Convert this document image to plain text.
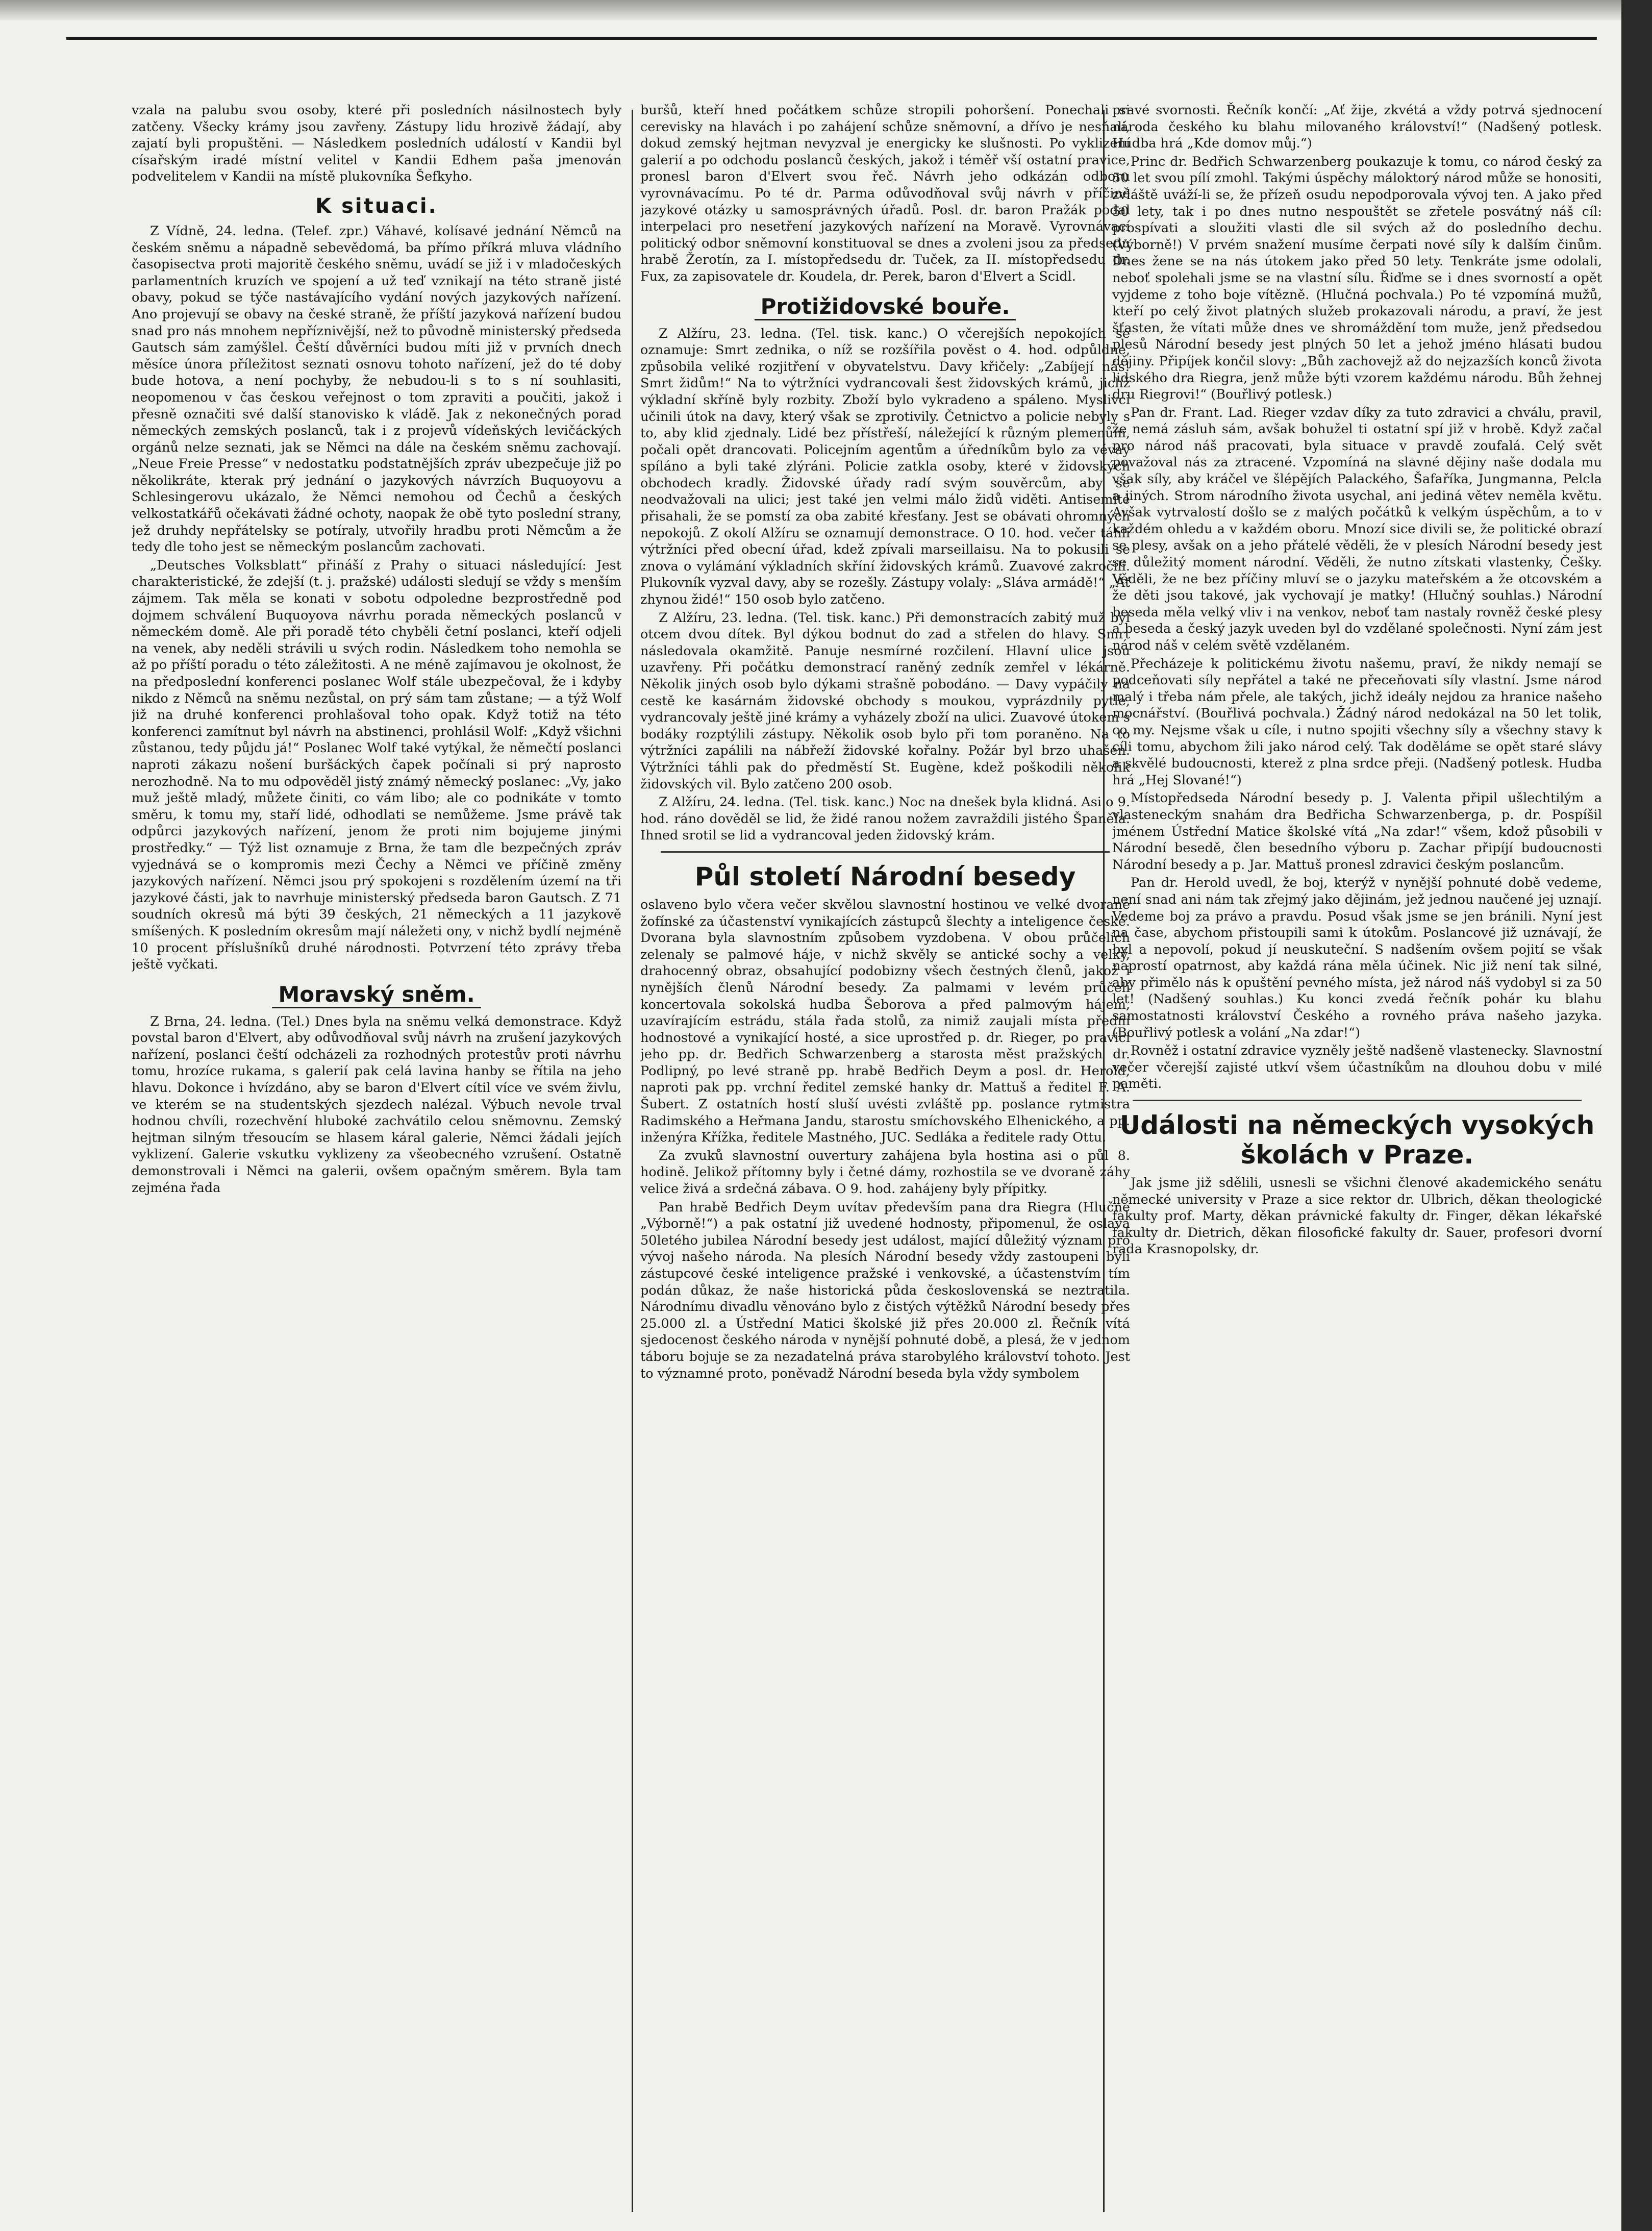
vzala na palubu svou osoby, které při posledních násilnostech byly zatčeny. Všecky krámy jsou zavřeny. Zástupy lidu hrozivě žádají, aby zajatí byli propuštěni. — Následkem posledních událostí v Kandii byl císařským iradé místní velitel v Kandii Edhem paša jmenován podvelitelem v Kandii na místě plukovníka Šefkyho.

K situaci.

Z Vídně, 24. ledna. (Telef. zpr.) Váhavé, kolísavé jednání Němců na českém sněmu a nápadně sebevědomá, ba přímo příkrá mluva vládního časopisectva proti majoritě českého sněmu, uvádí se již i v mladočeských parlamentních kruzích ve spojení a už teď vznikají na této straně jisté obavy, pokud se týče nastávajícího vydání nových jazykových nařízení. Ano projevují se obavy na české straně, že příští jazyková nařízení budou snad pro nás mnohem nepříznivější, než to původně ministerský předseda Gautsch sám zamýšlel. Čeští důvěrníci budou míti již v prvních dnech měsíce února příležitost seznati osnovu tohoto nařízení, jež do té doby bude hotova, a není pochyby, že nebudou-li s to s ní souhlasiti, neopomenou v čas českou veřejnost o tom zpraviti a poučiti, jakož i přesně označiti své další stanovisko k vládě. Jak z nekonečných porad německých zemských poslanců, tak i z projevů vídeňských levičáckých orgánů nelze seznati, jak se Němci na dále na českém sněmu zachovají. „Neue Freie Presse“ v nedostatku podstatnějších zpráv ubezpečuje již po několikráte, kterak prý jednání o jazykových návrzích Buquoyovu a Schlesingerovu ukázalo, že Němci nemohou od Čechů a českých velkostatkářů očekávati žádné ochoty, naopak že obě tyto poslední strany, jež druhdy nepřátelsky se potíraly, utvořily hradbu proti Němcům a že tedy dle toho jest se německým poslancům zachovati.

„Deutsches Volksblatt“ přináší z Prahy o situaci následující: Jest charakteristické, že zdejší (t. j. pražské) události sledují se vždy s menším zájmem. Tak měla se konati v sobotu odpoledne bezprostředně pod dojmem schválení Buquoyova návrhu porada německých poslanců v německém domě. Ale při poradě této chyběli četní poslanci, kteří odjeli na venek, aby neděli strávili u svých rodin. Následkem toho nemohla se až po příští poradu o této záležitosti. A ne méně zajímavou je okolnost, že na předposlední konferenci poslanec Wolf stále ubezpečoval, že i kdyby nikdo z Němců na sněmu nezůstal, on prý sám tam zůstane; — a týž Wolf již na druhé konferenci prohlašoval toho opak. Když totiž na této konferenci zamítnut byl návrh na abstinenci, prohlásil Wolf: „Když všichni zůstanou, tedy půjdu já!“ Poslanec Wolf také vytýkal, že němečtí poslanci naproti zákazu nošení buršáckých čapek počínali si prý naprosto nerozhodně. Na to mu odpověděl jistý známý německý poslanec: „Vy, jako muž ještě mladý, můžete činiti, co vám libo; ale co podnikáte v tomto směru, k tomu my, staří lidé, odhodlati se nemůžeme. Jsme právě tak odpůrci jazykových nařízení, jenom že proti nim bojujeme jinými prostředky.“ — Týž list oznamuje z Brna, že tam dle bezpečných zpráv vyjednává se o kompromis mezi Čechy a Němci ve příčině změny jazykových nařízení. Němci jsou prý spokojeni s rozdělením území na tři jazykové části, jak to navrhuje ministerský předseda baron Gautsch. Z 71 soudních okresů má býti 39 českých, 21 německých a 11 jazykově smíšených. K posledním okresům mají náležeti ony, v nichž bydlí nejméně 10 procent příslušníků druhé národnosti. Potvrzení této zprávy třeba ještě vyčkati.

Moravský sněm.

Z Brna, 24. ledna. (Tel.) Dnes byla na sněmu velká demonstrace. Když povstal baron d'Elvert, aby odůvodňoval svůj návrh na zrušení jazykových nařízení, poslanci čeští odcházeli za rozhodných protestův proti návrhu tomu, hrozíce rukama, s galerií pak celá lavina hanby se řítila na jeho hlavu. Dokonce i hvízdáno, aby se baron d'Elvert cítil více ve svém živlu, ve kterém se na studentských sjezdech nalézal. Výbuch nevole trval hodnou chvíli, rozechvění hluboké zachvátilo celou sněmovnu. Zemský hejtman silným třesoucím se hlasem káral galerie, Němci žádali jejích vyklizení. Galerie vskutku vyklizeny za všeobecného vzrušení. Ostatně demonstrovali i Němci na galerii, ovšem opačným směrem. Byla tam zejména řada

buršů, kteří hned počátkem schůze stropili pohoršení. Ponechali si cerevisky na hlavách i po zahájení schůze sněmovní, a dřívo je nesňali, dokud zemský hejtman nevyzval je energicky ke slušnosti. Po vyklizení galerií a po odchodu poslanců českých, jakož i téměř vší ostatní pravice, pronesl baron d'Elvert svou řeč. Návrh jeho odkázán odboru vyrovnávacímu. Po té dr. Parma odůvodňoval svůj návrh v příčině jazykové otázky u samosprávných úřadů. Posl. dr. baron Pražák podal interpelaci pro nesetření jazykových nařízení na Moravě. Vyrovnávací politický odbor sněmovní konstituoval se dnes a zvoleni jsou za předsedu hrabě Žerotín, za I. místopředsedu dr. Tuček, za II. místopředsedu dr. Fux, za zapisovatele dr. Koudela, dr. Perek, baron d'Elvert a Scidl.

Protižidovské bouře.

Z Alžíru, 23. ledna. (Tel. tisk. kanc.) O včerejších nepokojích se oznamuje: Smrt zednika, o níž se rozšířila pověst o 4. hod. odpůldne, způsobila veliké rozjitření v obyvatelstvu. Davy křičely: „Zabíjejí nás! Smrt židům!“ Na to výtržníci vydrancovali šest židovských krámů, jichž výkladní skříně byly rozbity. Zboží bylo vykradeno a spáleno. Myslivci učinili útok na davy, který však se zprotivily. Četnictvo a policie nebyly s to, aby klid zjednaly. Lidé bez přístřeší, náležející k různým plemenům, počali opět drancovati. Policejním agentům a úředníkům bylo za vévay spíláno a byli také zlýráni. Policie zatkla osoby, které v židovských obchodech kradly. Židovské úřady radí svým souvěrcům, aby se neodvažovali na ulici; jest také jen velmi málo židů viděti. Antisemité přisahali, že se pomstí za oba zabité křesťany. Jest se obávati ohromných nepokojů. Z okolí Alžíru se oznamují demonstrace. O 10. hod. večer táhli výtržníci před obecní úřad, kdež zpívali marseillaisu. Na to pokusili se znova o vylámání výkladních skříní židovských krámů. Zuavové zakročili. Plukovník vyzval davy, aby se rozešly. Zástupy volaly: „Sláva armádě!“ „Ať zhynou židé!“ 150 osob bylo zatčeno.

Z Alžíru, 23. ledna. (Tel. tisk. kanc.) Při demonstracích zabitý muž byl otcem dvou dítek. Byl dýkou bodnut do zad a střelen do hlavy. Smrt následovala okamžitě. Panuje nesmírné rozčilení. Hlavní ulice jsou uzavřeny. Při počátku demonstrací raněný zedník zemřel v lékárně. Několik jiných osob bylo dýkami strašně pobodáno. — Davy vypáčily na cestě ke kasárnám židovské obchody s moukou, vyprázdnily pytle, vydrancovaly ještě jiné krámy a vyházely zboží na ulici. Zuavové útokem s bodáky rozptýlili zástupy. Několik osob bylo při tom poraněno. Na to výtržníci zapálili na nábřeží židovské kořalny. Požár byl brzo uhašen. Výtržníci táhli pak do předměstí St. Eugène, kdež poškodili několik židovských vil. Bylo zatčeno 200 osob.

Z Alžíru, 24. ledna. (Tel. tisk. kanc.) Noc na dnešek byla klidná. Asi o 9. hod. ráno dověděl se lid, že židé ranou nožem zavraždili jistého Španěla. Ihned srotil se lid a vydrancoval jeden židovský krám.

Půl století Národní besedy

oslaveno bylo včera večer skvělou slavnostní hostinou ve velké dvoraně žofínské za účastenství vynikajících zástupců šlechty a inteligence české. Dvorana byla slavnostním způsobem vyzdobena. V obou průčelích zelenaly se palmové háje, v nichž skvěly se antické sochy a velký, drahocenný obraz, obsahující podobizny všech čestných členů, jakož i nynějších členů Národní besedy. Za palmami v levém průčelí koncertovala sokolská hudba Šeborova a před palmovým hájem, uzavírajícím estrádu, stála řada stolů, za nimiž zaujali místa přední hodnostové a vynikající hosté, a sice uprostřed p. dr. Rieger, po pravici jeho pp. dr. Bedřich Schwarzenberg a starosta měst pražských dr. Podlipný, po levé straně pp. hrabě Bedřich Deym a posl. dr. Herold, naproti pak pp. vrchní ředitel zemské hanky dr. Mattuš a ředitel F. A. Šubert. Z ostatních hostí sluší uvésti zvláště pp. poslance rytmistra Radimského a Heřmana Jandu, starostu smíchovského Elhenického, a pp. inženýra Křížka, ředitele Mastného, JUC. Sedláka a ředitele rady Ottu.

Za zvuků slavnostní ouvertury zahájena byla hostina asi o půl 8. hodině. Jelikož přítomny byly i četné dámy, rozhostila se ve dvoraně záhy velice živá a srdečná zábava. O 9. hod. zahájeny byly přípitky.

Pan hrabě Bedřich Deym uvítav především pana dra Riegra (Hlučné „Výborně!“) a pak ostatní již uvedené hodnosty, připomenul, že oslava 50letého jubilea Národní besedy jest událost, mající důležitý význam pro vývoj našeho národa. Na plesích Národní besedy vždy zastoupeni byli zástupcové české inteligence pražské i venkovské, a účastenstvím tím podán důkaz, že naše historická půda československá se neztratila. Národnímu divadlu věnováno bylo z čistých výtěžků Národní besedy přes 25.000 zl. a Ústřední Matici školské již přes 20.000 zl. Řečník vítá sjedocenost českého národa v nynější pohnuté době, a plesá, že v jednom táboru bojuje se za nezadatelná práva starobylého království tohoto. Jest to významné proto, poněvadž Národní beseda byla vždy symbolem

pravé svornosti. Řečník končí: „Ať žije, zkvétá a vždy potrvá sjednocení národa českého ku blahu milovaného království!“ (Nadšený potlesk. Hudba hrá „Kde domov můj.“)

Princ dr. Bedřich Schwarzenberg poukazuje k tomu, co národ český za 50 let svou pílí zmohl. Takými úspěchy máloktorý národ může se honositi, zvláště uváží-li se, že přízeň osudu nepodporovala vývoj ten. A jako před 50 lety, tak i po dnes nutno nespouštět se zřetele posvátný náš cíl: prospívati a sloužiti vlasti dle sil svých až do posledního dechu. (Výborně!) V prvém snažení musíme čerpati nové síly k dalším činům. Dnes žene se na nás útokem jako před 50 lety. Tenkráte jsme odolali, neboť spolehali jsme se na vlastní sílu. Řiďme se i dnes svorností a opět vyjdeme z toho boje vítězně. (Hlučná pochvala.) Po té vzpomíná mužů, kteří po celý život platných služeb prokazovali národu, a praví, že jest šťasten, že vítati může dnes ve shromáždění tom muže, jenž předsedou plesů Národní besedy jest plných 50 let a jehož jméno hlásati budou dějiny. Připíjek končil slovy: „Bůh zachovejž až do nejzazších konců života lidského dra Riegra, jenž může býti vzorem každému národu. Bůh žehnej dru Riegrovi!“ (Bouřlivý potlesk.)

Pan dr. Frant. Lad. Rieger vzdav díky za tuto zdravici a chválu, pravil, že nemá zásluh sám, avšak bohužel ti ostatní spí již v hrobě. Když začal pro národ náš pracovati, byla situace v pravdě zoufalá. Celý svět považoval nás za ztracené. Vzpomíná na slavné dějiny naše dodala mu však síly, aby kráčel ve šlépějích Palackého, Šafaříka, Jungmanna, Pelcla a jiných. Strom národního života usychal, ani jediná větev neměla květu. Avšak vytrvalostí došlo se z malých počátků k velkým úspěchům, a to v každém ohledu a v každém oboru. Mnozí sice divili se, že politické obrazí se plesy, avšak on a jeho přátelé věděli, že v plesích Národní besedy jest se důležitý moment národní. Věděli, že nutno zítskati vlastenky, Češky. Věděli, že ne bez příčiny mluví se o jazyku mateřském a že otcovském a že děti jsou takové, jak vychovají je matky! (Hlučný souhlas.) Národní beseda měla velký vliv i na venkov, neboť tam nastaly rovněž české plesy a beseda a český jazyk uveden byl do vzdělané společnosti. Nyní zám jest národ náš v celém světě vzdělaném.

Přecházeje k politickému životu našemu, praví, že nikdy nemají se podceňovati síly nepřátel a také ne přeceňovati síly vlastní. Jsme národ malý i třeba nám přele, ale takých, jichž ideály nejdou za hranice našeho mocnářství. (Bouřlivá pochvala.) Žádný národ nedokázal na 50 let tolik, co my. Nejsme však u cíle, i nutno spojiti všechny síly a všechny stavy k cíli tomu, abychom žili jako národ celý. Tak doděláme se opět staré slávy a skvělé budoucnosti, kterež z plna srdce přeji. (Nadšený potlesk. Hudba hrá „Hej Slované!“)

Místopředseda Národní besedy p. J. Valenta připil ušlechtilým a vlasteneckým snahám dra Bedřicha Schwarzenberga, p. dr. Pospíšil jménem Ústřední Matice školské vítá „Na zdar!“ všem, kdož působili v Národní besedě, člen besedního výboru p. Zachar připíjí budoucnosti Národní besedy a p. Jar. Mattuš pronesl zdravici českým poslancům.

Pan dr. Herold uvedl, že boj, kterýž v nynější pohnuté době vedeme, není snad ani nám tak zřejmý jako dějinám, jež jednou naučené jej uznají. Vedeme boj za právo a pravdu. Posud však jsme se jen bránili. Nyní jest na čase, abychom přistoupili sami k útokům. Poslancové již uznávají, že byl a nepovolí, pokud jí neuskuteční. S nadšením ovšem pojití se však naprostí opatrnost, aby každá rána měla účinek. Nic již není tak silné, aby přimělo nás k opuštění pevného místa, jež národ náš vydobyl si za 50 let! (Nadšený souhlas.) Ku konci zvedá řečník pohár ku blahu samostatnosti království Českého a rovného práva našeho jazyka. (Bouřlivý potlesk a volání „Na zdar!“)

Rovněž i ostatní zdravice vyzněly ještě nadšeně vlastenecky. Slavnostní večer včerejší zajisté utkví všem účastníkům na dlouhou dobu v milé paměti.

Události na německých vysokých školách v Praze.

Jak jsme již sdělili, usnesli se všichni členové akademického senátu německé university v Praze a sice rektor dr. Ulbrich, děkan theologické fakulty prof. Marty, děkan právnické fakulty dr. Finger, děkan lékařské fakulty dr. Dietrich, děkan filosofické fakulty dr. Sauer, profesori dvorní rada Krasnopolsky, dr.
